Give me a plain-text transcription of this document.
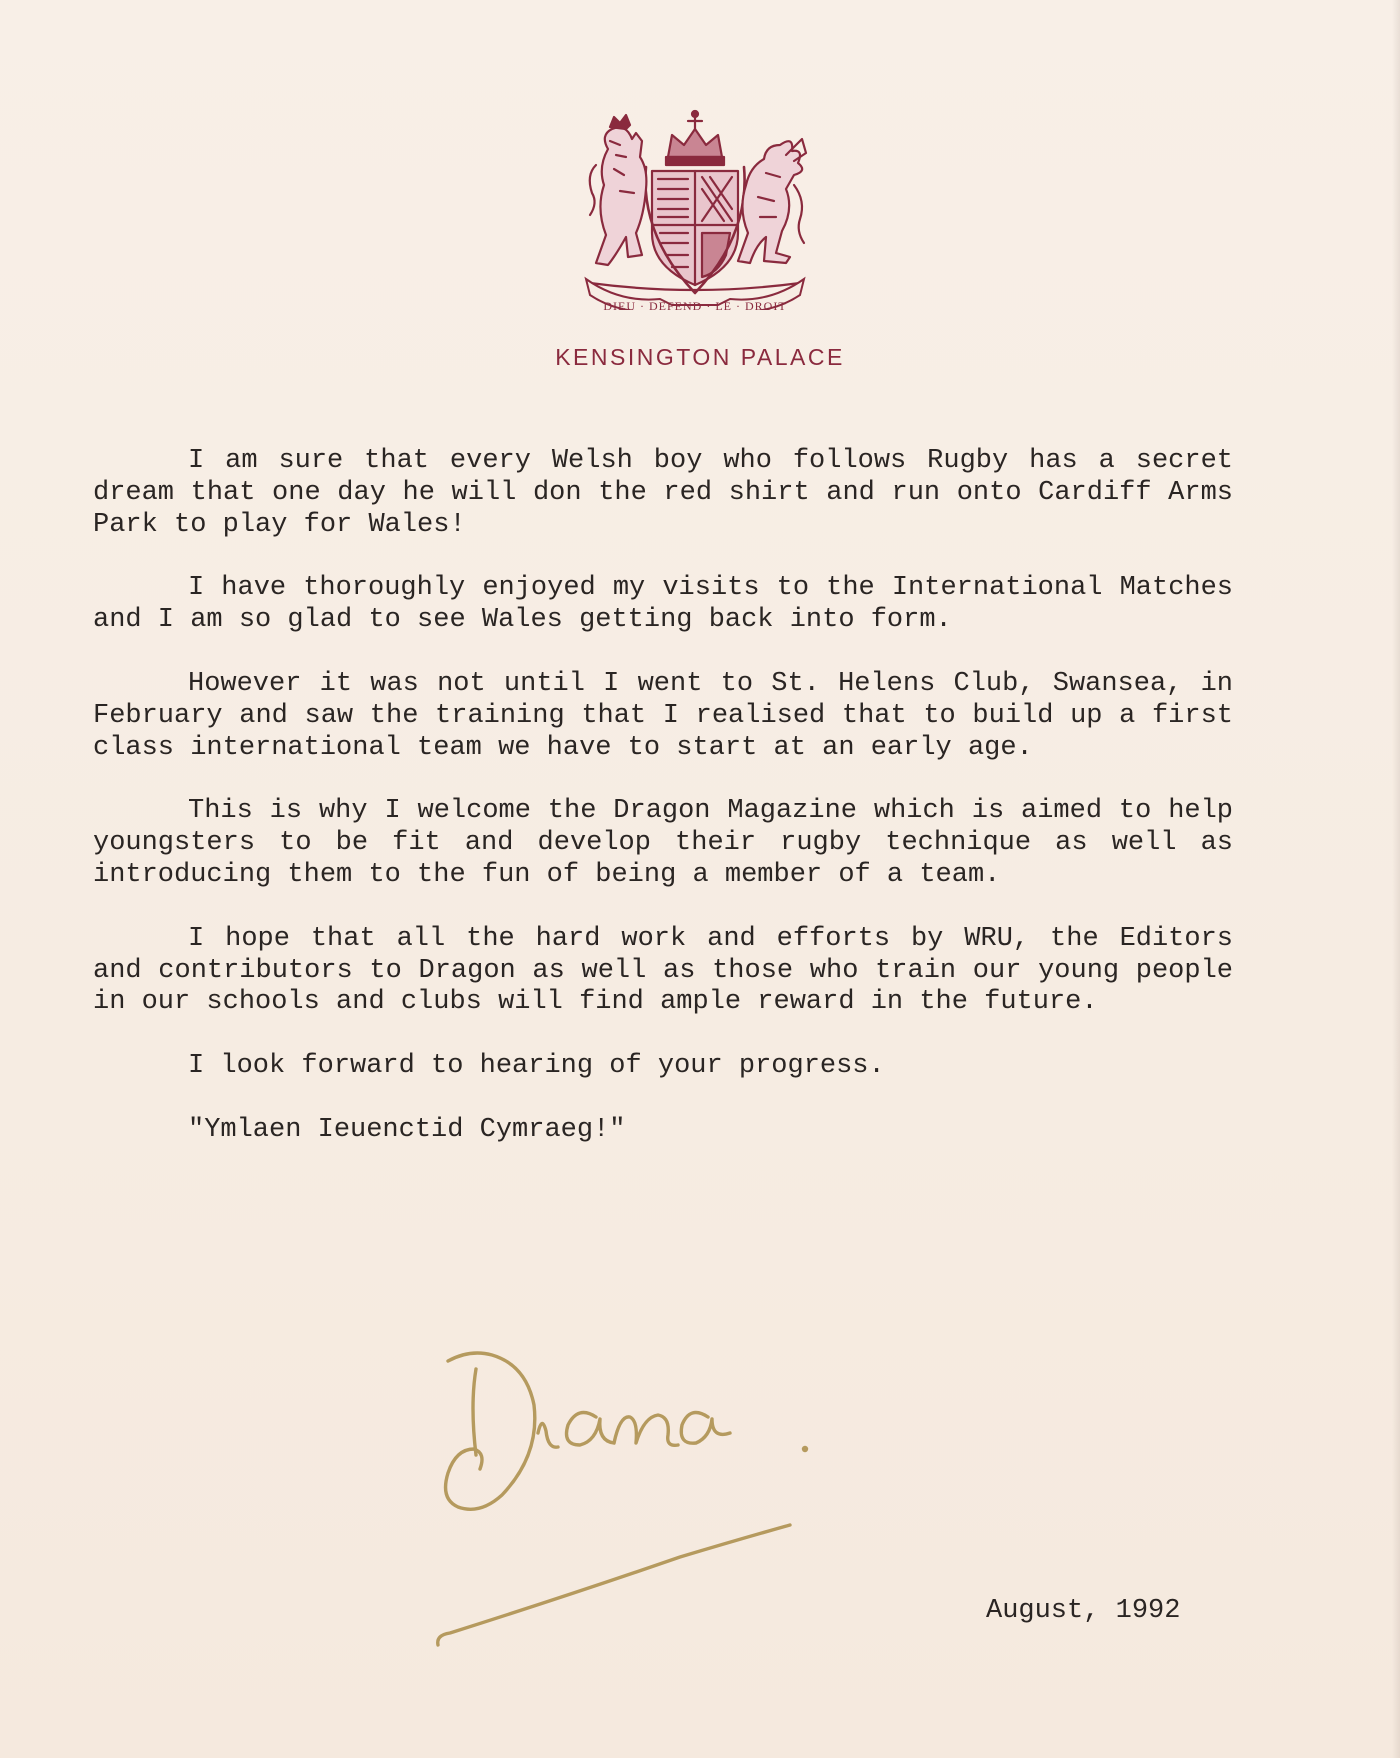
DIEU · DEFEND · LE · DROIT
KENSINGTON PALACE

I am sure that every Welsh boy who follows Rugby has a secret dream that one day he will don the red shirt and run onto Cardiff Arms Park to play for Wales!

I have thoroughly enjoyed my visits to the International Matches and I am so glad to see Wales getting back into form.

However it was not until I went to St. Helens Club, Swansea, in February and saw the training that I realised that to build up a first class international team we have to start at an early age.

This is why I welcome the Dragon Magazine which is aimed to help youngsters to be fit and develop their rugby technique as well as introducing them to the fun of being a member of a team.

I hope that all the hard work and efforts by WRU, the Editors and contributors to Dragon as well as those who train our young people in our schools and clubs will find ample reward in the future.

I look forward to hearing of your progress.

"Ymlaen Ieuenctid Cymraeg!"

August, 1992
